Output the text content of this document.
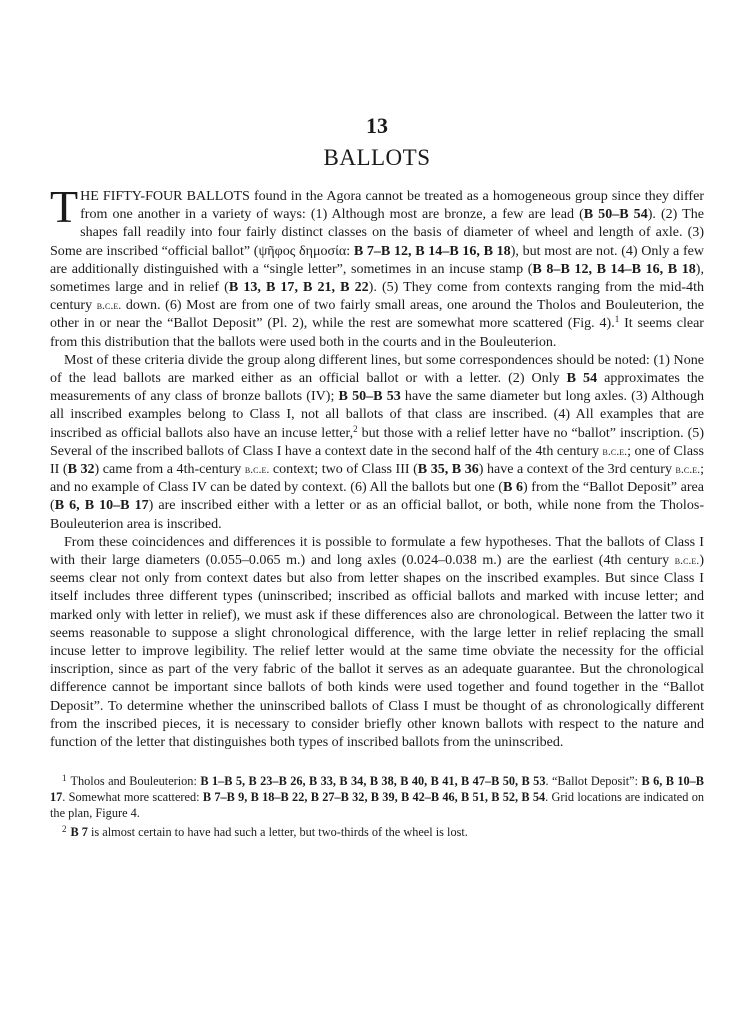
13
BALLOTS

THE FIFTY-FOUR BALLOTS found in the Agora cannot be treated as a homogeneous group since they differ from one another in a variety of ways: (1) Although most are bronze, a few are lead (B 50–B 54). (2) The shapes fall readily into four fairly distinct classes on the basis of diameter of wheel and length of axle. (3) Some are inscribed “official ballot” (ψῆφος δημοσία: B 7–B 12, B 14–B 16, B 18), but most are not. (4) Only a few are additionally distinguished with a “single letter”, sometimes in an incuse stamp (B 8–B 12, B 14–B 16, B 18), sometimes large and in relief (B 13, B 17, B 21, B 22). (5) They come from contexts ranging from the mid-4th century b.c.e. down. (6) Most are from one of two fairly small areas, one around the Tholos and Bouleuterion, the other in or near the “Ballot Deposit” (Pl. 2), while the rest are somewhat more scattered (Fig. 4).$^1$ It seems clear from this distribution that the ballots were used both in the courts and in the Bouleuterion.

Most of these criteria divide the group along different lines, but some correspondences should be noted: (1) None of the lead ballots are marked either as an official ballot or with a letter. (2) Only B 54 approximates the measurements of any class of bronze ballots (IV); B 50–B 53 have the same diameter but long axles. (3) Although all inscribed examples belong to Class I, not all ballots of that class are inscribed. (4) All examples that are inscribed as official ballots also have an incuse letter,$^2$ but those with a relief letter have no “ballot” inscription. (5) Several of the inscribed ballots of Class I have a context date in the second half of the 4th century b.c.e.; one of Class II (B 32) came from a 4th-century b.c.e. context; two of Class III (B 35, B 36) have a context of the 3rd century b.c.e.; and no example of Class IV can be dated by context. (6) All the ballots but one (B 6) from the “Ballot Deposit” area (B 6, B 10–B 17) are inscribed either with a letter or as an official ballot, or both, while none from the Tholos-Bouleuterion area is inscribed.

From these coincidences and differences it is possible to formulate a few hypotheses. That the ballots of Class I with their large diameters (0.055–0.065 m.) and long axles (0.024–0.038 m.) are the earliest (4th century b.c.e.) seems clear not only from context dates but also from letter shapes on the inscribed examples. But since Class I itself includes three different types (uninscribed; inscribed as official ballots and marked with incuse letter; and marked only with letter in relief), we must ask if these differences also are chronological. Between the latter two it seems reasonable to suppose a slight chronological difference, with the large letter in relief replacing the small incuse letter to improve legibility. The relief letter would at the same time obviate the necessity for the official inscription, since as part of the very fabric of the ballot it serves as an adequate guarantee. But the chronological difference cannot be important since ballots of both kinds were used together and found together in the “Ballot Deposit”. To determine whether the uninscribed ballots of Class I must be thought of as chronologically different from the inscribed pieces, it is necessary to consider briefly other known ballots with respect to the nature and function of the letter that distinguishes both types of inscribed ballots from the uninscribed.

$^1$ Tholos and Bouleuterion: B 1–B 5, B 23–B 26, B 33, B 34, B 38, B 40, B 41, B 47–B 50, B 53. “Ballot Deposit”: B 6, B 10–B 17. Somewhat more scattered: B 7–B 9, B 18–B 22, B 27–B 32, B 39, B 42–B 46, B 51, B 52, B 54. Grid locations are indicated on the plan, Figure 4.

$^2$ B 7 is almost certain to have had such a letter, but two-thirds of the wheel is lost.
